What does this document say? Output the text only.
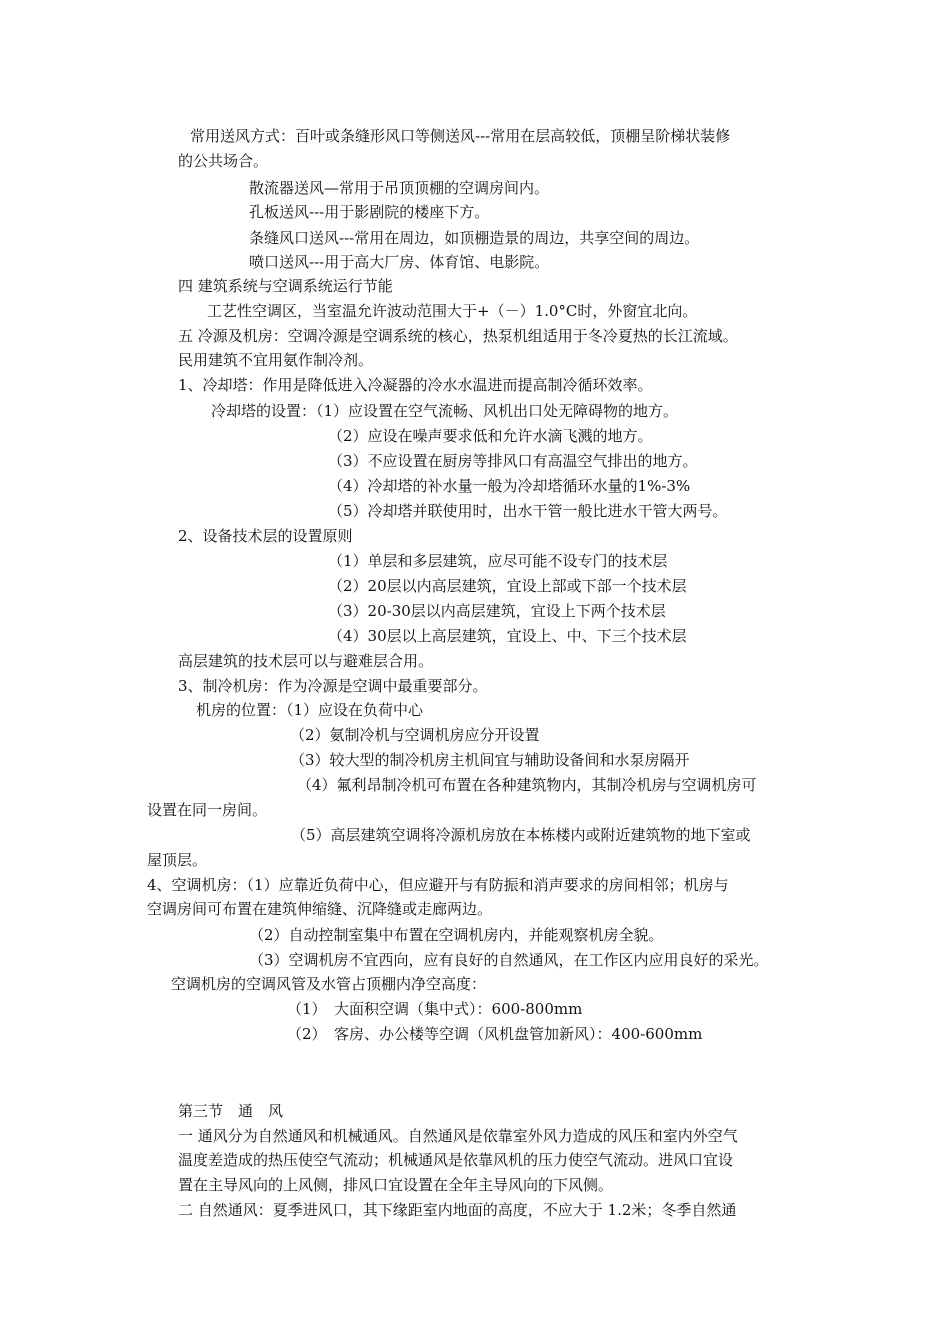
常用送风方式：百叶或条缝形风口等侧送风---常用在层高较低，顶棚呈阶梯状装修
的公共场合。
散流器送风—常用于吊顶顶棚的空调房间内。
孔板送风---用于影剧院的楼座下方。
条缝风口送风---常用在周边，如顶棚造景的周边，共享空间的周边。
喷口送风---用于高大厂房、体育馆、电影院。
四 建筑系统与空调系统运行节能
工艺性空调区，当室温允许波动范围大于+（－）1.0°C时，外窗宜北向。
五 冷源及机房：空调冷源是空调系统的核心，热泵机组适用于冬冷夏热的长江流域。
民用建筑不宜用氨作制冷剂。
1、冷却塔：作用是降低进入冷凝器的冷水水温进而提高制冷循环效率。
冷却塔的设置：（1）应设置在空气流畅、风机出口处无障碍物的地方。
（2）应设在噪声要求低和允许水滴飞溅的地方。
（3）不应设置在厨房等排风口有高温空气排出的地方。
（4）冷却塔的补水量一般为冷却塔循环水量的1%-3%
（5）冷却塔并联使用时，出水干管一般比进水干管大两号。
2、设备技术层的设置原则
（1）单层和多层建筑，应尽可能不设专门的技术层
（2）20层以内高层建筑，宜设上部或下部一个技术层
（3）20-30层以内高层建筑，宜设上下两个技术层
（4）30层以上高层建筑，宜设上、中、下三个技术层
高层建筑的技术层可以与避难层合用。
3、制冷机房：作为冷源是空调中最重要部分。
机房的位置：（1）应设在负荷中心
（2）氨制冷机与空调机房应分开设置
（3）较大型的制冷机房主机间宜与辅助设备间和水泵房隔开
（4）氟利昂制冷机可布置在各种建筑物内，其制冷机房与空调机房可
设置在同一房间。
（5）高层建筑空调将冷源机房放在本栋楼内或附近建筑物的地下室或
屋顶层。
4、空调机房：（1）应靠近负荷中心，但应避开与有防振和消声要求的房间相邻；机房与
空调房间可布置在建筑伸缩缝、沉降缝或走廊两边。
（2）自动控制室集中布置在空调机房内，并能观察机房全貌。
（3）空调机房不宜西向，应有良好的自然通风，在工作区内应用良好的采光。
空调机房的空调风管及水管占顶棚内净空高度：
（1）　大面积空调（集中式）：600-800mm
（2）　客房、办公楼等空调（风机盘管加新风）：400-600mm
第三节　通　风
一 通风分为自然通风和机械通风。自然通风是依靠室外风力造成的风压和室内外空气
温度差造成的热压使空气流动；机械通风是依靠风机的压力使空气流动。进风口宜设
置在主导风向的上风侧，排风口宜设置在全年主导风向的下风侧。
二 自然通风：夏季进风口，其下缘距室内地面的高度，不应大于 1.2米；冬季自然通
